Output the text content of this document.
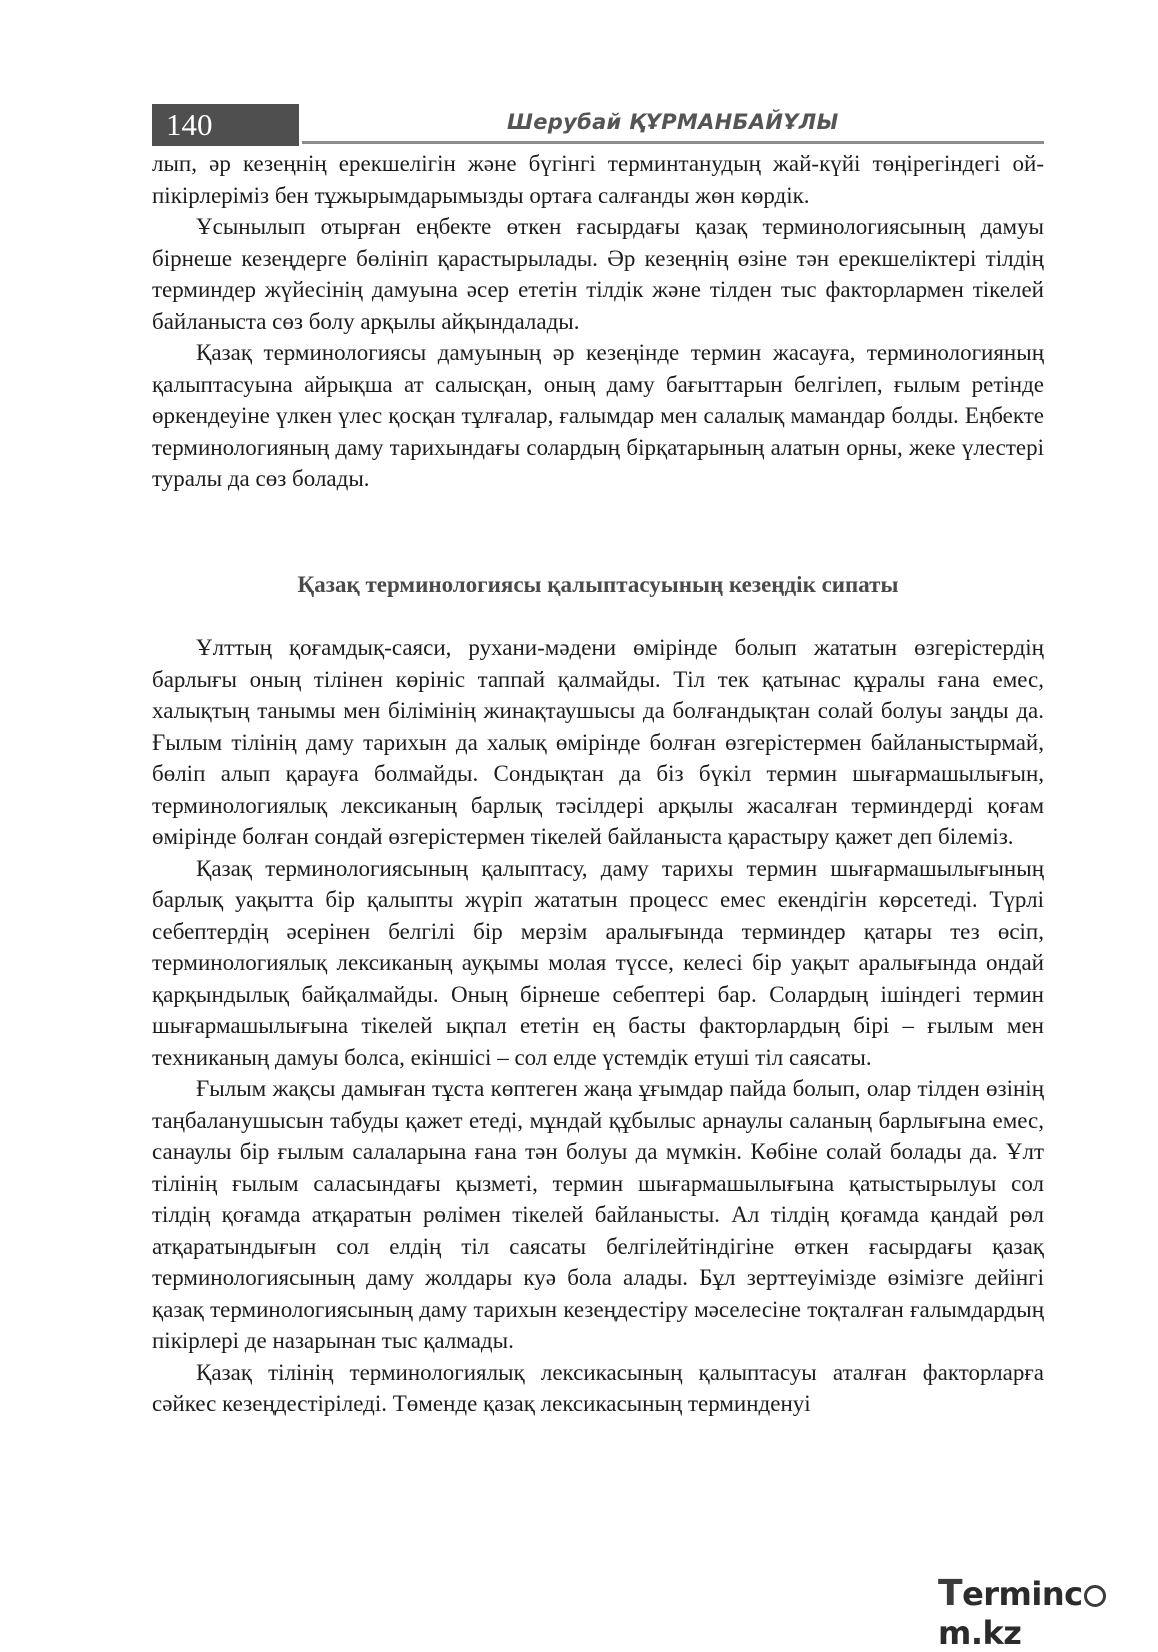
140	Шерубай ҚҰРМАНБАЙҰЛЫ

лып, әр кезеңнің ерекшелігін және бүгінгі терминтанудың жай-күйі төңірегіндегі ой-пікірлеріміз бен тұжырымдарымызды ортаға салғанды жөн көрдік.

Ұсынылып отырған еңбекте өткен ғасырдағы қазақ терминологиясының дамуы бірнеше кезеңдерге бөлініп қарастырылады. Әр кезеңнің өзіне тән ерекшеліктері тілдің терминдер жүйесінің дамуына әсер ететін тілдік және тілден тыс факторлармен тікелей байланыста сөз болу арқылы айқындалады.

Қазақ терминологиясы дамуының әр кезеңінде термин жасауға, терминологияның қалыптасуына айрықша ат салысқан, оның даму бағыттарын белгілеп, ғылым ретінде өркендеуіне үлкен үлес қосқан тұлғалар, ғалымдар мен салалық мамандар болды. Еңбекте терминологияның даму тарихындағы солардың бірқатарының алатын орны, жеке үлестері туралы да сөз болады.

Қазақ терминологиясы қалыптасуының кезеңдік сипаты

Ұлттың қоғамдық-саяси, рухани-мәдени өмірінде болып жататын өзгерістердің барлығы оның тілінен көрініс таппай қалмайды. Тіл тек қатынас құралы ғана емес, халықтың танымы мен білімінің жинақтаушысы да болғандықтан солай болуы заңды да. Ғылым тілінің даму тарихын да халық өмірінде болған өзгерістермен байланыстырмай, бөліп алып қарауға болмайды. Сондықтан да біз бүкіл термин шығармашылығын, терминологиялық лексиканың барлық тәсілдері арқылы жасалған терминдерді қоғам өмірінде болған сондай өзгерістермен тікелей байланыста қарастыру қажет деп білеміз.

Қазақ терминологиясының қалыптасу, даму тарихы термин шығармашылығының барлық уақытта бір қалыпты жүріп жататын процесс емес екендігін көрсетеді. Түрлі себептердің әсерінен белгілі бір мерзім аралығында терминдер қатары тез өсіп, терминологиялық лексиканың ауқымы молая түссе, келесі бір уақыт аралығында ондай қарқындылық байқалмайды. Оның бірнеше себептері бар. Солардың ішіндегі термин шығармашылығына тікелей ықпал ететін ең басты факторлардың бірі – ғылым мен техниканың дамуы болса, екіншісі – сол елде үстемдік етуші тіл саясаты.

Ғылым жақсы дамыған тұста көптеген жаңа ұғымдар пайда болып, олар тілден өзінің таңбаланушысын табуды қажет етеді, мұндай құбылыс арнаулы саланың барлығына емес, санаулы бір ғылым салаларына ғана тән болуы да мүмкін. Көбіне солай болады да. Ұлт тілінің ғылым саласындағы қызметі, термин шығармашылығына қатыстырылуы сол тілдің қоғамда атқаратын рөлімен тікелей байланысты. Ал тілдің қоғамда қандай рөл атқаратындығын сол елдің тіл саясаты белгілейтіндігіне өткен ғасырдағы қазақ терминологиясының даму жолдары куә бола алады. Бұл зерттеуімізде өзімізге дейінгі қазақ терминологиясының даму тарихын кезеңдестіру мәселесіне тоқталған ғалымдардың пікірлері де назарынан тыс қалмады.

Қазақ тілінің терминологиялық лексикасының қалыптасуы аталған факторларға сәйкес кезеңдестіріледі. Төменде қазақ лексикасының терминденуі

Termincm.kz
